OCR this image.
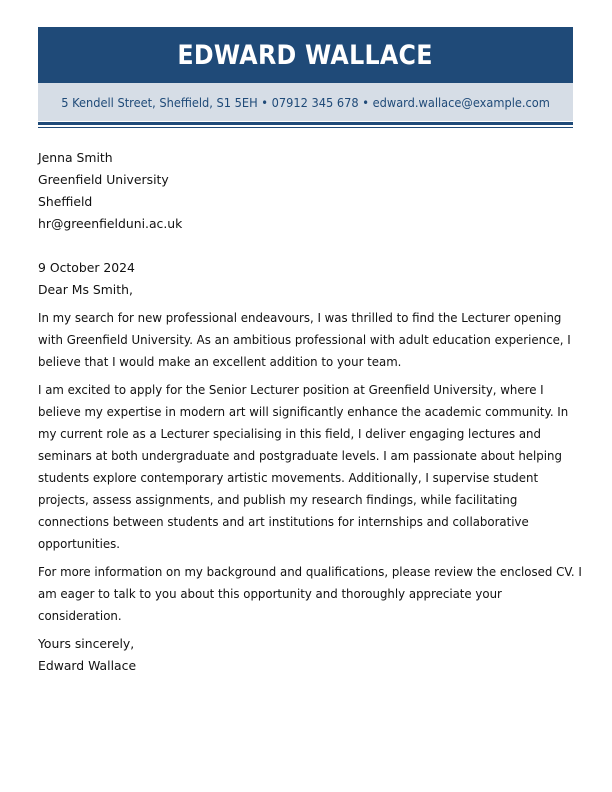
EDWARD WALLACE
5 Kendell Street, Sheffield, S1 5EH • 07912 345 678 • edward.wallace@example.com
Jenna Smith
Greenfield University
Sheffield
hr@greenfielduni.ac.uk
9 October 2024
Dear Ms Smith,
In my search for new professional endeavours, I was thrilled to find the Lecturer opening
with Greenfield University. As an ambitious professional with adult education experience, I
believe that I would make an excellent addition to your team.
I am excited to apply for the Senior Lecturer position at Greenfield University, where I
believe my expertise in modern art will significantly enhance the academic community. In
my current role as a Lecturer specialising in this field, I deliver engaging lectures and
seminars at both undergraduate and postgraduate levels. I am passionate about helping
students explore contemporary artistic movements. Additionally, I supervise student
projects, assess assignments, and publish my research findings, while facilitating
connections between students and art institutions for internships and collaborative
opportunities.
For more information on my background and qualifications, please review the enclosed CV. I
am eager to talk to you about this opportunity and thoroughly appreciate your
consideration.
Yours sincerely,
Edward Wallace
